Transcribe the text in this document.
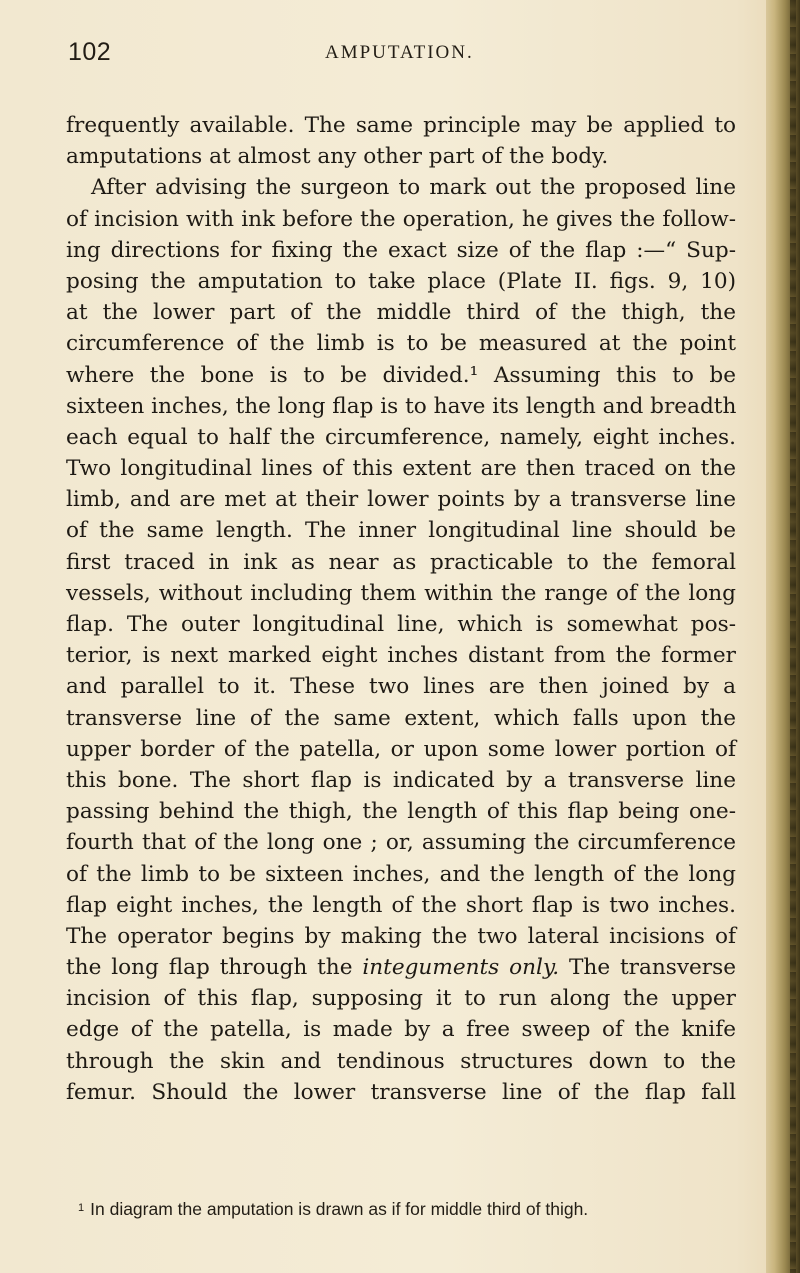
102	AMPUTATION.
frequently available. The same principle may be applied to
amputations at almost any other part of the body.
After advising the surgeon to mark out the proposed line
of incision with ink before the operation, he gives the follow-
ing directions for fixing the exact size of the flap :—“ Sup-
posing the amputation to take place (Plate II. figs. 9, 10)
at the lower part of the middle third of the thigh, the
circumference of the limb is to be measured at the point
where the bone is to be divided.¹ Assuming this to be
sixteen inches, the long flap is to have its length and breadth
each equal to half the circumference, namely, eight inches.
Two longitudinal lines of this extent are then traced on the
limb, and are met at their lower points by a transverse line
of the same length. The inner longitudinal line should be
first traced in ink as near as practicable to the femoral
vessels, without including them within the range of the long
flap. The outer longitudinal line, which is somewhat pos-
terior, is next marked eight inches distant from the former
and parallel to it. These two lines are then joined by a
transverse line of the same extent, which falls upon the
upper border of the patella, or upon some lower portion of
this bone. The short flap is indicated by a transverse line
passing behind the thigh, the length of this flap being one-
fourth that of the long one ; or, assuming the circumference
of the limb to be sixteen inches, and the length of the long
flap eight inches, the length of the short flap is two inches.
The operator begins by making the two lateral incisions of
the long flap through the integuments only. The transverse
incision of this flap, supposing it to run along the upper
edge of the patella, is made by a free sweep of the knife
through the skin and tendinous structures down to the
femur. Should the lower transverse line of the flap fall
$^1$ In diagram the amputation is drawn as if for middle third of thigh.
